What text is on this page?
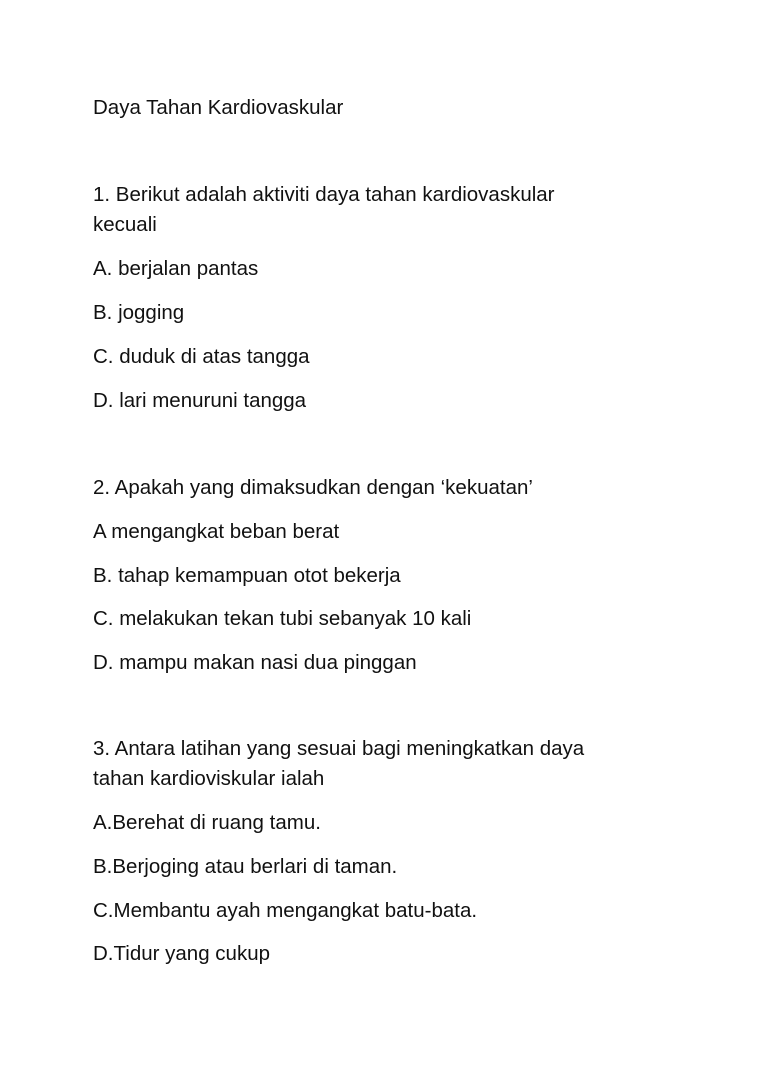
Daya Tahan Kardiovaskular
1. Berikut adalah aktiviti daya tahan kardiovaskular
kecuali
A. berjalan pantas
B. jogging
C. duduk di atas tangga
D. lari menuruni tangga
2. Apakah yang dimaksudkan dengan ‘kekuatan’
A mengangkat beban berat
B. tahap kemampuan otot bekerja
C. melakukan tekan tubi sebanyak 10 kali
D. mampu makan nasi dua pinggan
3. Antara latihan yang sesuai bagi meningkatkan daya
tahan kardioviskular ialah
A.Berehat di ruang tamu.
B.Berjoging atau berlari di taman.
C.Membantu ayah mengangkat batu-bata.
D.Tidur yang cukup
